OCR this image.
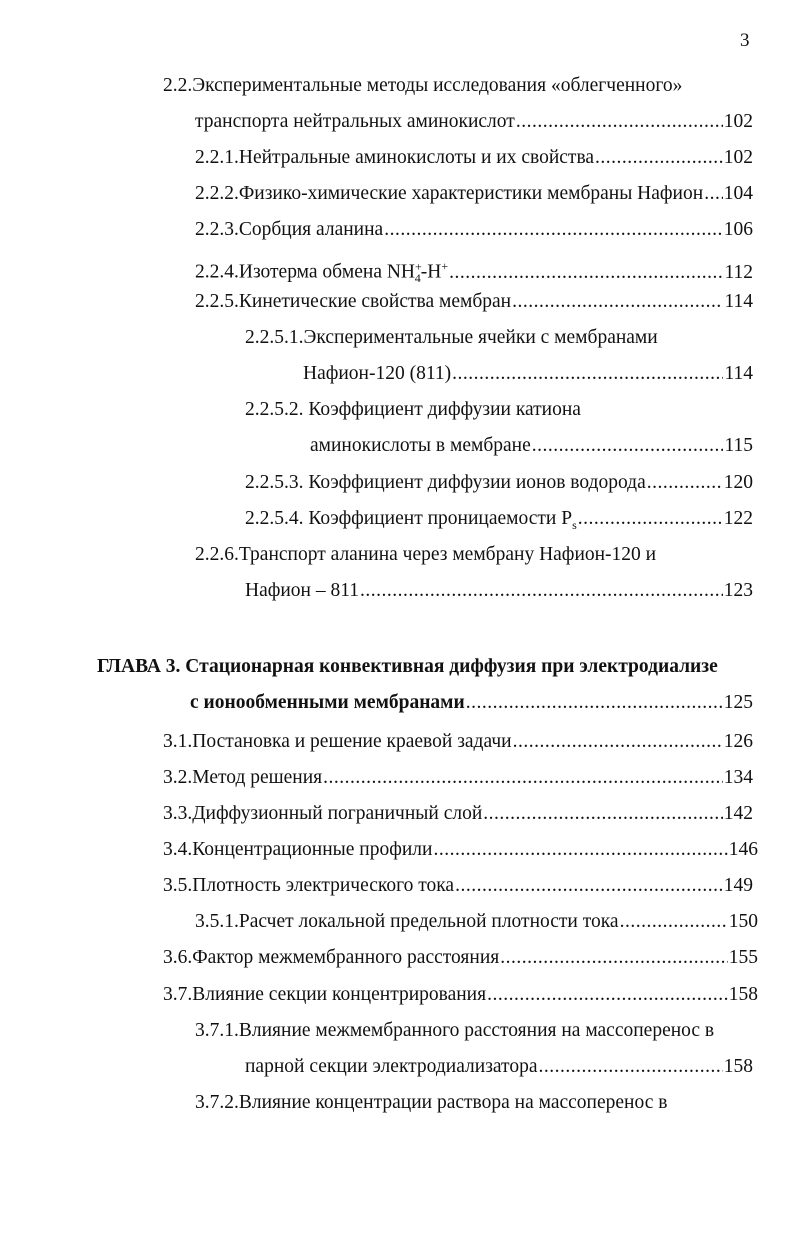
3
2.2.Экспериментальные методы исследования «облегченного»
транспорта нейтральных аминокислот .....	102
2.2.1.Нейтральные аминокислоты и их свойства .....	102
2.2.2.Физико-химические характеристики мембраны Нафион ..... 104
2.2.3.Сорбция аланина .....	106
2.2.4.Изотерма обмена $NH^+_4-H^+$ .....	112
2.2.5.Кинетические свойства мембран .....	114
2.2.5.1.Экспериментальные ячейки с мембранами
Нафион-120 (811) .....	114
2.2.5.2. Коэффициент диффузии катиона
аминокислоты в мембране .....	115
2.2.5.3. Коэффициент диффузии ионов водорода .....	120
2.2.5.4. Коэффициент проницаемости $P_s$ .....	122
2.2.6.Транспорт аланина через мембрану Нафион-120 и
Нафион – 811 .....	123
ГЛАВА 3. Стационарная конвективная диффузия при электродиализе
с ионообменными мембранами .....	125
3.1.Постановка и решение краевой задачи .....	126
3.2.Метод решения .....	134
3.3.Диффузионный пограничный слой .....	142
3.4.Концентрационные профили .....	146
3.5.Плотность электрического тока .....	149
3.5.1.Расчет локальной предельной плотности тока .....	150
3.6.Фактор межмембранного расстояния .....	155
3.7.Влияние секции концентрирования .....	158
3.7.1.Влияние межмембранного расстояния на массоперенос в
парной секции электродиализатора .....	158
3.7.2.Влияние концентрации раствора на массоперенос в
